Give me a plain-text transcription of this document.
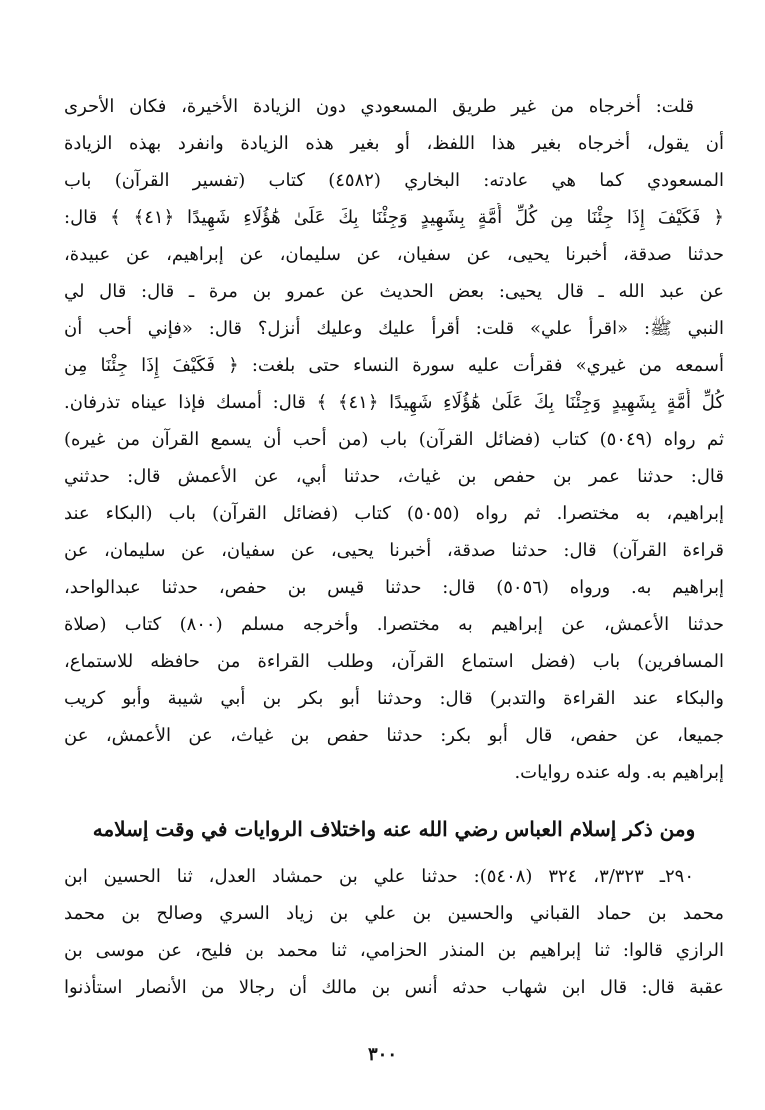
قلت: أخرجاه من غير طريق المسعودي دون الزيادة الأخيرة، فكان الأحرى
أن يقول، أخرجاه بغير هذا اللفظ، أو بغير هذه الزيادة وانفرد بهذه الزيادة
المسعودي كما هي عادته: البخاري (٤٥٨٢) كتاب (تفسير القرآن) باب
﴿ فَكَيْفَ إِذَا جِئْنَا مِن كُلِّ أُمَّةٍ بِشَهِيدٍ وَجِئْنَا بِكَ عَلَىٰ هَٰؤُلَاءِ شَهِيدًا ﴿٤١﴾ ﴾ قال:
حدثنا صدقة، أخبرنا يحيى، عن سفيان، عن سليمان، عن إبراهيم، عن عبيدة،
عن عبد الله ـ قال يحيى: بعض الحديث عن عمرو بن مرة ـ قال: قال لي
النبي ﷺ: «اقرأ علي» قلت: أقرأ عليك وعليك أنزل؟ قال: «فإني أحب أن
أسمعه من غيري» فقرأت عليه سورة النساء حتى بلغت: ﴿ فَكَيْفَ إِذَا جِئْنَا مِن
كُلِّ أُمَّةٍ بِشَهِيدٍ وَجِئْنَا بِكَ عَلَىٰ هَٰؤُلَاءِ شَهِيدًا ﴿٤١﴾ ﴾ قال: أمسك فإذا عيناه تذرفان.
ثم رواه (٥٠٤٩) كتاب (فضائل القرآن) باب (من أحب أن يسمع القرآن من غيره)
قال: حدثنا عمر بن حفص بن غياث، حدثنا أبي، عن الأعمش قال: حدثني
إبراهيم، به مختصرا. ثم رواه (٥٠٥٥) كتاب (فضائل القرآن) باب (البكاء عند
قراءة القرآن) قال: حدثنا صدقة، أخبرنا يحيى، عن سفيان، عن سليمان، عن
إبراهيم به. ورواه (٥٠٥٦) قال: حدثنا قيس بن حفص، حدثنا عبدالواحد،
حدثنا الأعمش، عن إبراهيم به مختصرا. وأخرجه مسلم (٨٠٠) كتاب (صلاة
المسافرين) باب (فضل استماع القرآن، وطلب القراءة من حافظه للاستماع،
والبكاء عند القراءة والتدبر) قال: وحدثنا أبو بكر بن أبي شيبة وأبو كريب
جميعا، عن حفص، قال أبو بكر: حدثنا حفص بن غياث، عن الأعمش، عن
إبراهيم به. وله عنده روايات.
ومن ذكر إسلام العباس رضي الله عنه واختلاف الروايات في وقت إسلامه
٢٩٠ـ ٣/٣٢٣، ٣٢٤ (٥٤٠٨): حدثنا علي بن حمشاد العدل، ثنا الحسين ابن
محمد بن حماد القباني والحسين بن علي بن زياد السري وصالح بن محمد
الرازي قالوا: ثنا إبراهيم بن المنذر الحزامي، ثنا محمد بن فليح، عن موسى بن
عقبة قال: قال ابن شهاب حدثه أنس بن مالك أن رجالا من الأنصار استأذنوا
٣٠٠
